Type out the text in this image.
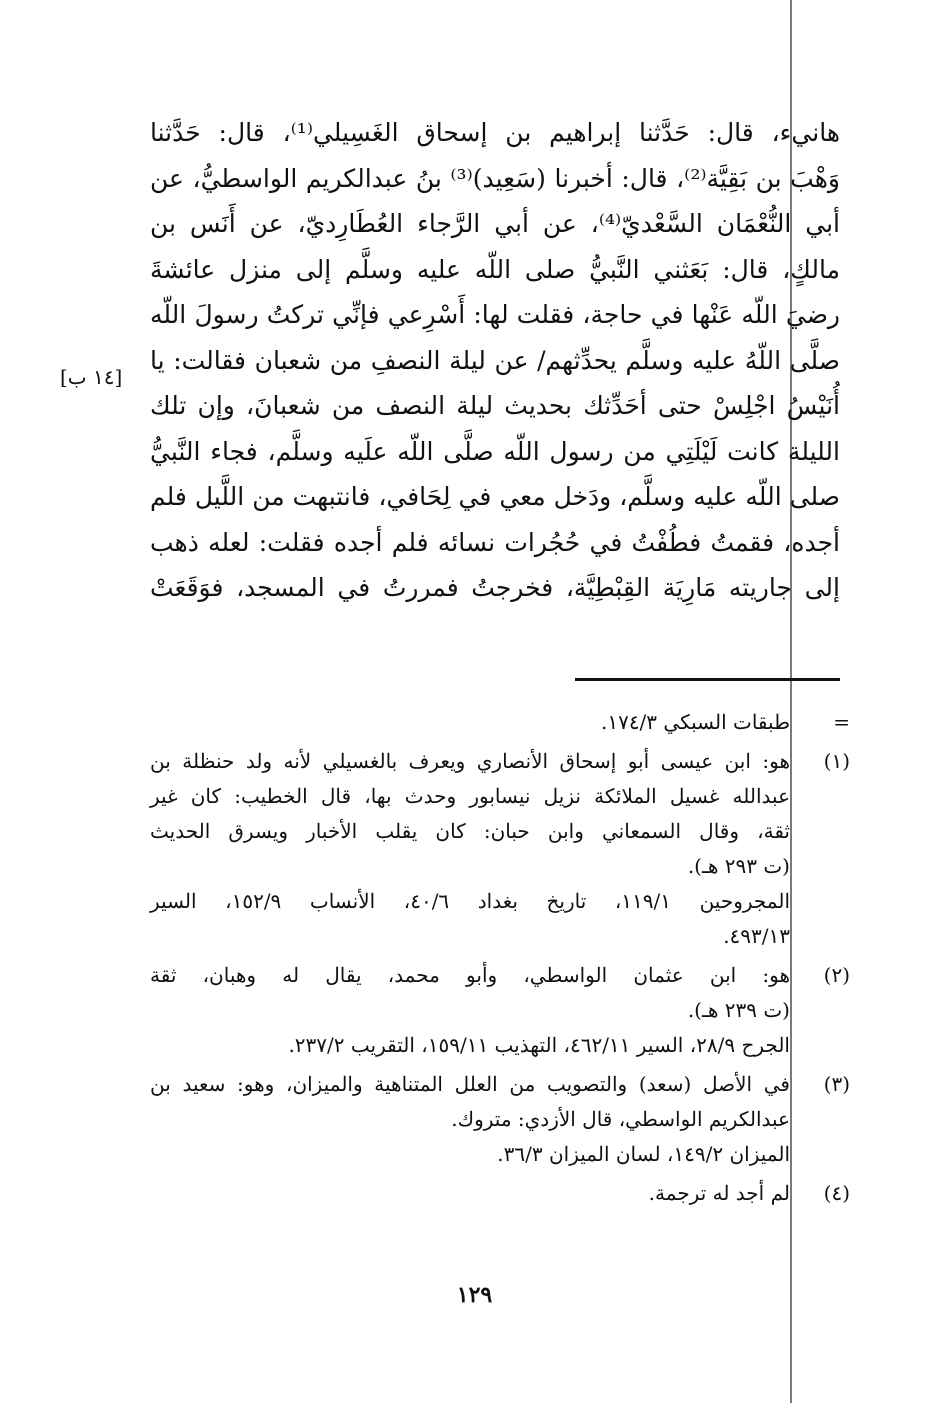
هانيء، قال: حَدَّثنا إبراهيم بن إسحاق الغَسِيلي⁽¹⁾، قال: حَدَّثنا
وَهْبَ بن بَقِيَّة⁽²⁾، قال: أخبرنا (سَعِيد)⁽³⁾ بنُ عبدالكريم الواسطيُّ، عن
أبي النُّعْمَان السَّعْديّ⁽⁴⁾، عن أبي الرَّجاء العُطَارِديّ، عن أَنَس بن
مالكٍ، قال: بَعَثني النَّبيُّ صلى اللّه عليه وسلَّم إلى منزل عائشةَ
رضيَ اللّه عَنْها في حاجة، فقلت لها: أَسْرِعي فإنِّي تركتُ رسولَ اللّه
صلَّى اللّهُ عليه وسلَّم يحدِّثهم/ عن ليلة النصفِ من شعبان فقالت: يا
أُنَيْسُ اجْلِسْ حتى أحَدِّثك بحديث ليلة النصف من شعبانَ، وإن تلك
الليلة كانت لَيْلَتِي من رسول اللّه صلَّى اللّه علَيه وسلَّم، فجاء النَّبيُّ
صلى اللّه عليه وسلَّم، ودَخل معي في لِحَافي، فانتبهت من اللَّيل فلم
أجده، فقمتُ فطُفْتُ في حُجُرات نسائه فلم أجده فقلت: لعله ذهب
إلى جاريته مَارِيَة القِبْطِيَّة، فخرجتُ فمررتُ في المسجد، فوَقَعَتْ
[١٤ ب]
=
طبقات السبكي ١٧٤/٣.
(١)
هو: ابن عيسى أبو إسحاق الأنصاري ويعرف بالغسيلي لأنه ولد حنظلة بن
عبدالله غسيل الملائكة نزيل نيسابور وحدث بها، قال الخطيب: كان غير
ثقة، وقال السمعاني وابن حبان: كان يقلب الأخبار ويسرق الحديث
(ت ٢٩٣ هـ).
المجروحين ١١٩/١، تاريخ بغداد ٤٠/٦، الأنساب ١٥٢/٩، السير
٤٩٣/١٣.
(٢)
هو: ابن عثمان الواسطي، وأبو محمد، يقال له وهبان، ثقة
(ت ٢٣٩ هـ).
الجرح ٢٨/٩، السير ٤٦٢/١١، التهذيب ١٥٩/١١، التقريب ٢٣٧/٢.
(٣)
في الأصل (سعد) والتصويب من العلل المتناهية والميزان، وهو: سعيد بن
عبدالكريم الواسطي، قال الأزدي: متروك.
الميزان ١٤٩/٢، لسان الميزان ٣٦/٣.
(٤)
لم أجد له ترجمة.
١٢٩
